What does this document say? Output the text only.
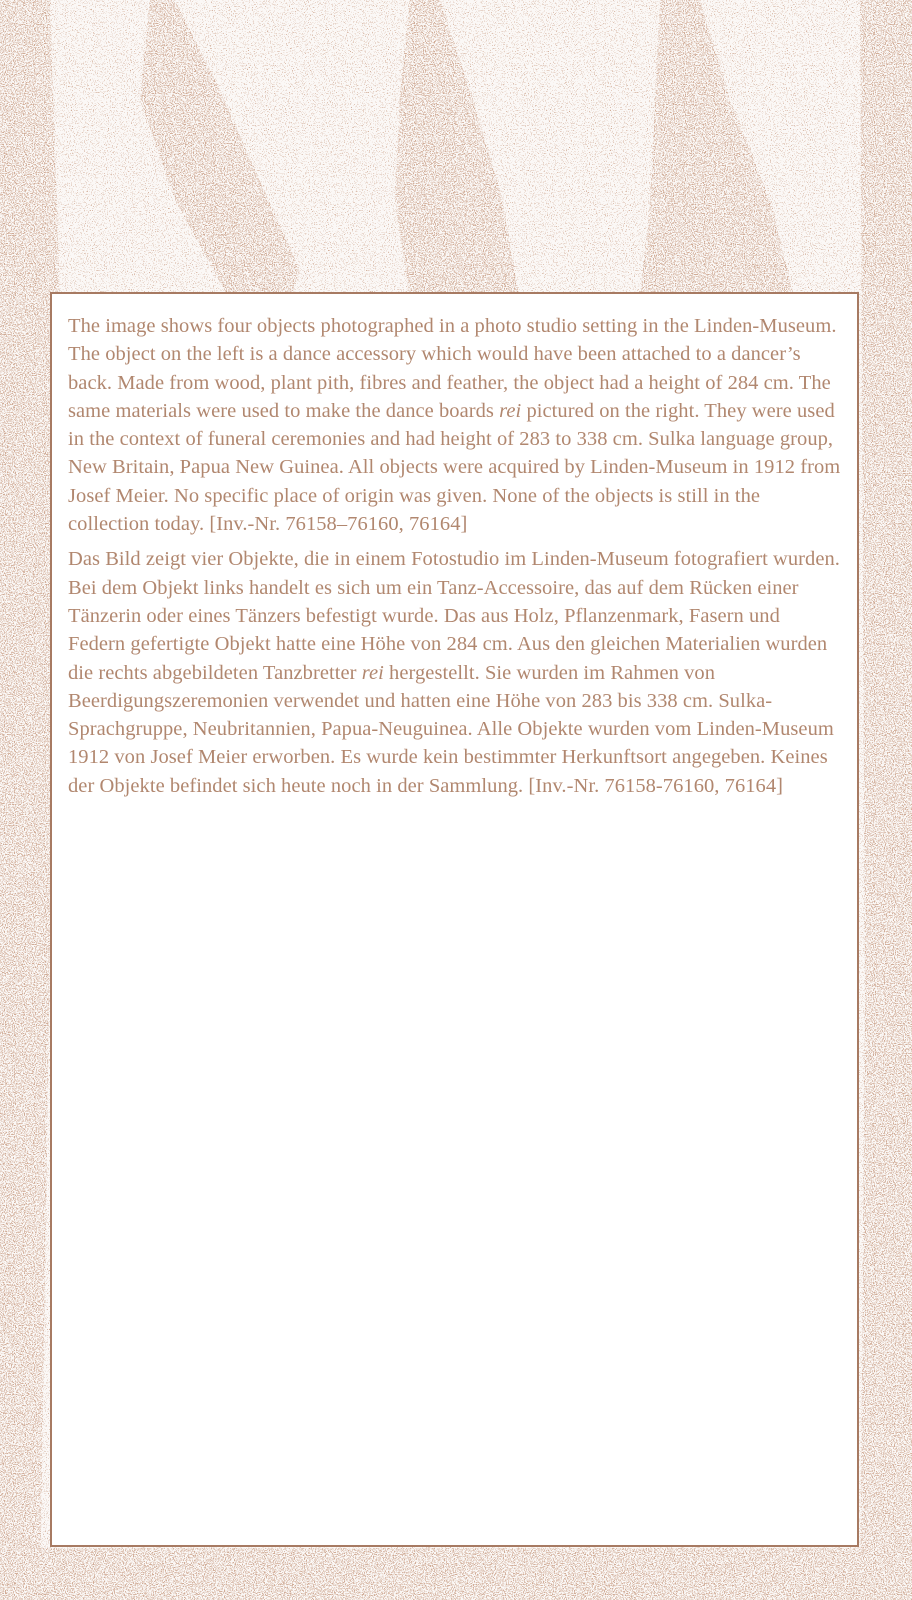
The image shows four objects photographed in a photo studio setting in the Linden-Museum. The object on the left is a dance accessory which would have been attached to a dancer’s back. Made from wood, plant pith, fibres and feather, the object had a height of 284 cm. The same materials were used to make the dance boards rei pictured on the right. They were used in the context of funeral ceremonies and had height of 283 to 338 cm. Sulka language group, New Britain, Papua New Guinea. All objects were acquired by Linden-Museum in 1912 from Josef Meier. No specific place of origin was given. None of the objects is still in the collection today. [Inv.-Nr. 76158–76160, 76164]

Das Bild zeigt vier Objekte, die in einem Fotostudio im Linden-Museum fotografiert wurden. Bei dem Objekt links handelt es sich um ein Tanz-Accessoire, das auf dem Rücken einer Tänzerin oder eines Tänzers befestigt wurde. Das aus Holz, Pflanzenmark, Fasern und Federn gefertigte Objekt hatte eine Höhe von 284 cm. Aus den gleichen Materialien wurden die rechts abgebildeten Tanzbretter rei hergestellt. Sie wurden im Rahmen von Beerdigungszeremonien verwendet und hatten eine Höhe von 283 bis 338 cm. Sulka-Sprachgruppe, Neubritannien, Papua-Neuguinea. Alle Objekte wurden vom Linden-Museum 1912 von Josef Meier erworben. Es wurde kein bestimmter Herkunftsort angegeben. Keines der Objekte befindet sich heute noch in der Sammlung. [Inv.-Nr. 76158-76160, 76164]
